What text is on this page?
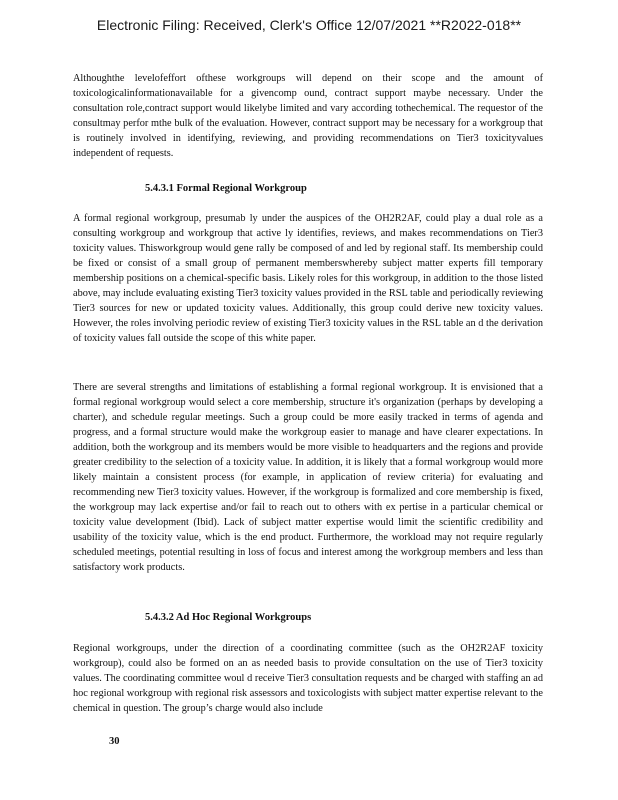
Electronic Filing: Received, Clerk's Office 12/07/2021 **R2022-018**

Althoughthe levelofeffort ofthese workgroups will depend on their scope and the amount of toxicologicalinformationavailable for a givencomp ound, contract support maybe necessary. Under the consultation role,contract support would likelybe limited and vary according tothechemical. The requestor of the consultmay perfor mthe bulk of the evaluation. However, contract support may be necessary for a workgroup that is routinely involved in identifying, reviewing, and providing recommendations on Tier3 toxicityvalues independent of requests.

5.4.3.1 Formal Regional Workgroup

A formal regional workgroup, presumab ly under the auspices of the OH2R2AF, could play a dual role as a consulting workgroup and workgroup that active ly identifies, reviews, and makes recommendations on Tier3 toxicity values. Thisworkgroup would gene rally be composed of and led by regional staff. Its membership could be fixed or consist of a small group of permanent memberswhereby subject matter experts fill temporary membership positions on a chemical-specific basis. Likely roles for this workgroup, in addition to the those listed above, may include evaluating existing Tier3 toxicity values provided in the RSL table and periodically reviewing Tier3 sources for new or updated toxicity values. Additionally, this group could derive new toxicity values. However, the roles involving periodic review of existing Tier3 toxicity values in the RSL table an d the derivation of toxicity values fall outside the scope of this white paper.

There are several strengths and limitations of establishing a formal regional workgroup. It is envisioned that a formal regional workgroup would select a core membership, structure it's organization (perhaps by developing a charter), and schedule regular meetings. Such a group could be more easily tracked in terms of agenda and progress, and a formal structure would make the workgroup easier to manage and have clearer expectations. In addition, both the workgroup and its members would be more visible to headquarters and the regions and provide greater credibility to the selection of a toxicity value. In addition, it is likely that a formal workgroup would more likely maintain a consistent process (for example, in application of review criteria) for evaluating and recommending new Tier3 toxicity values. However, if the workgroup is formalized and core membership is fixed, the workgroup may lack expertise and/or fail to reach out to others with ex pertise in a particular chemical or toxicity value development (Ibid). Lack of subject matter expertise would limit the scientific credibility and usability of the toxicity value, which is the end product. Furthermore, the workload may not require regularly scheduled meetings, potential resulting in loss of focus and interest among the workgroup members and less than satisfactory work products.

5.4.3.2 Ad Hoc Regional Workgroups

Regional workgroups, under the direction of a coordinating committee (such as the OH2R2AF toxicity workgroup), could also be formed on an as needed basis to provide consultation on the use of Tier3 toxicity values. The coordinating committee woul d receive Tier3 consultation requests and be charged with staffing an ad hoc regional workgroup with regional risk assessors and toxicologists with subject matter expertise relevant to the chemical in question. The group’s charge would also include

30
